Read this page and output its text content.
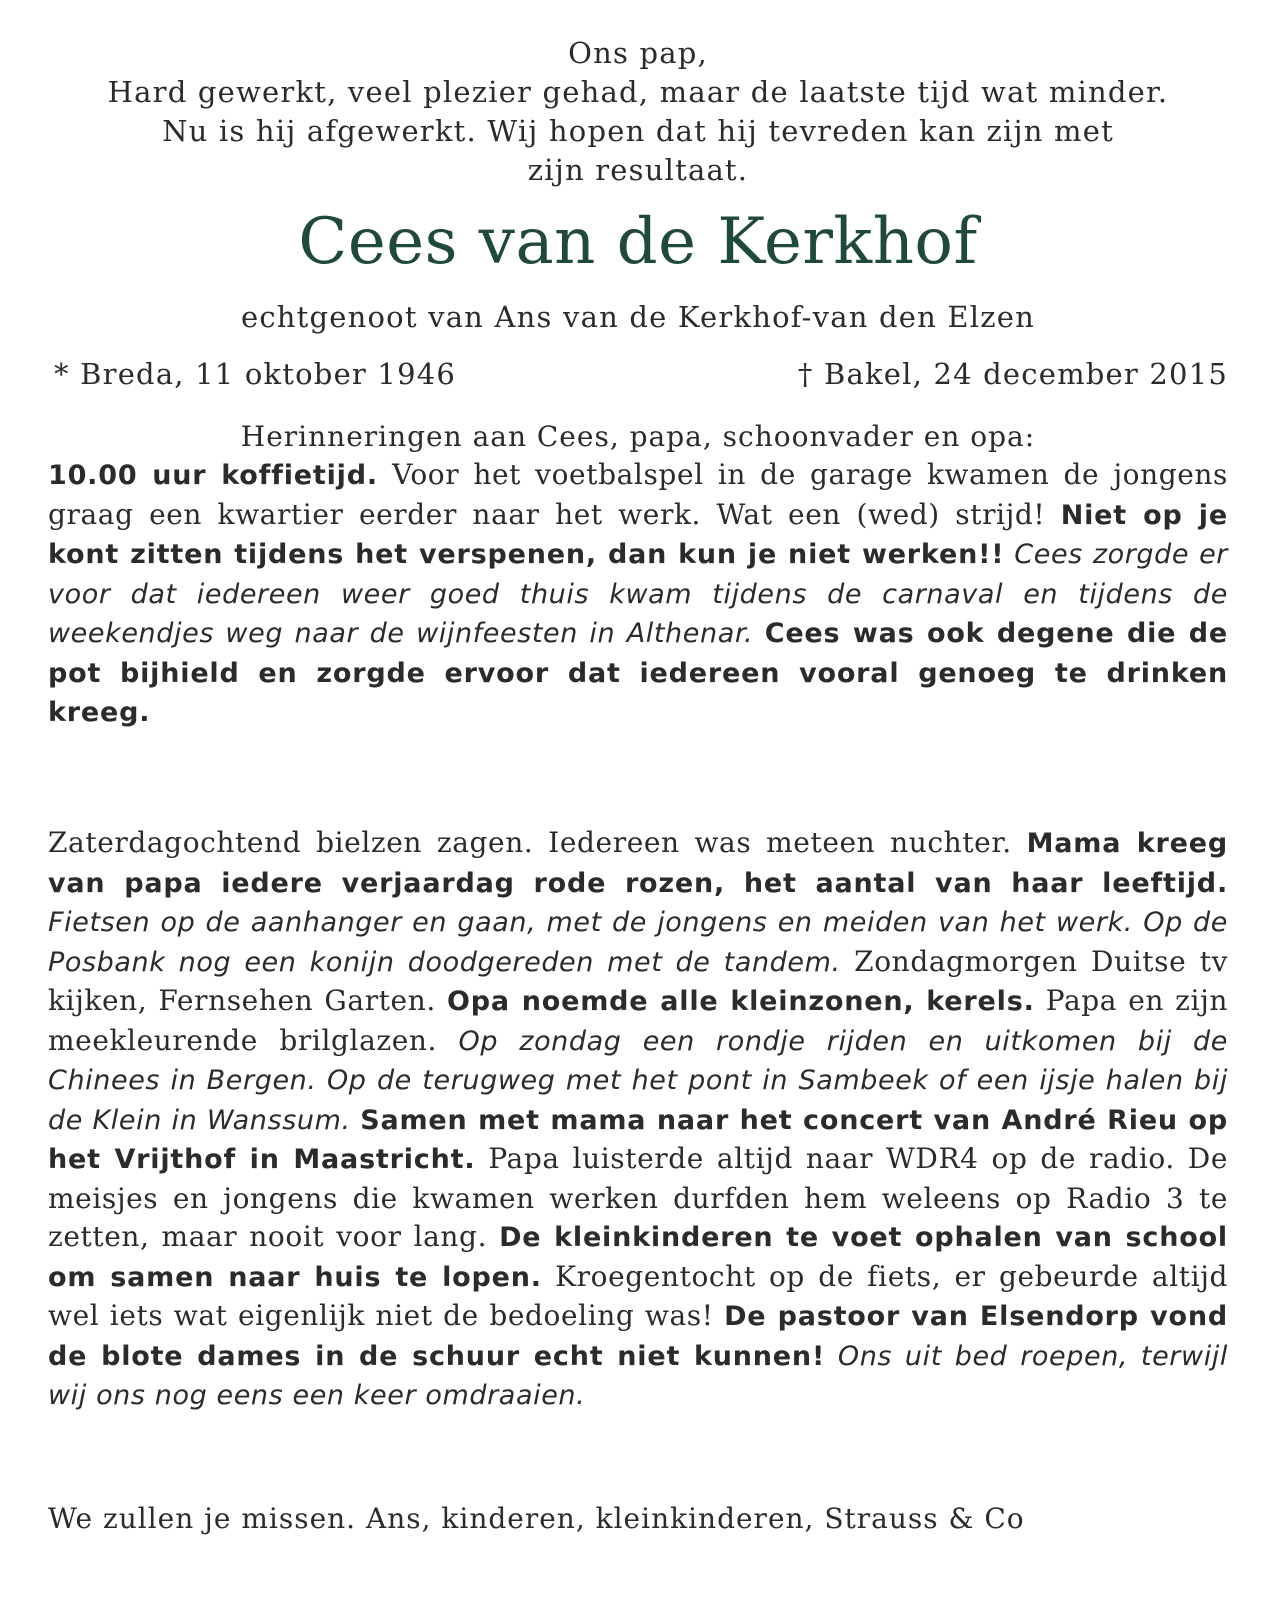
Ons pap,
Hard gewerkt, veel plezier gehad, maar de laatste tijd wat minder.
Nu is hij afgewerkt. Wij hopen dat hij tevreden kan zijn met
zijn resultaat.
Cees van de Kerkhof
echtgenoot van Ans van de Kerkhof-van den Elzen
* Breda, 11 oktober 1946	† Bakel, 24 december 2015
Herinneringen aan Cees, papa, schoonvader en opa:
10.00 uur koffietijd. Voor het voetbalspel in de garage kwamen de jongens graag een kwartier eerder naar het werk. Wat een (wed) strijd! Niet op je kont zitten tijdens het verspenen, dan kun je niet werken!! Cees zorgde er voor dat iedereen weer goed thuis kwam tijdens de carnaval en tijdens de weekendjes weg naar de wijnfeesten in Althenar. Cees was ook degene die de pot bijhield en zorgde ervoor dat iedereen vooral genoeg te drinken kreeg.
Zaterdagochtend bielzen zagen. Iedereen was meteen nuchter. Mama kreeg van papa iedere verjaardag rode rozen, het aantal van haar leeftijd. Fietsen op de aanhanger en gaan, met de jongens en meiden van het werk. Op de Posbank nog een konijn doodgereden met de tandem. Zondagmorgen Duitse tv kijken, Fernsehen Garten. Opa noemde alle kleinzonen, kerels. Papa en zijn meekleurende brilglazen. Op zondag een rondje rijden en uitkomen bij de Chinees in Bergen. Op de terugweg met het pont in Sambeek of een ijsje halen bij de Klein in Wanssum. Samen met mama naar het concert van André Rieu op het Vrijthof in Maastricht. Papa luisterde altijd naar WDR4 op de radio. De meisjes en jongens die kwamen werken durfden hem weleens op Radio 3 te zetten, maar nooit voor lang. De kleinkinderen te voet ophalen van school om samen naar huis te lopen. Kroegentocht op de fiets, er gebeurde altijd wel iets wat eigenlijk niet de bedoeling was! De pastoor van Elsendorp vond de blote dames in de schuur echt niet kunnen! Ons uit bed roepen, terwijl wij ons nog eens een keer omdraaien.
We zullen je missen. Ans, kinderen, kleinkinderen, Strauss & Co
